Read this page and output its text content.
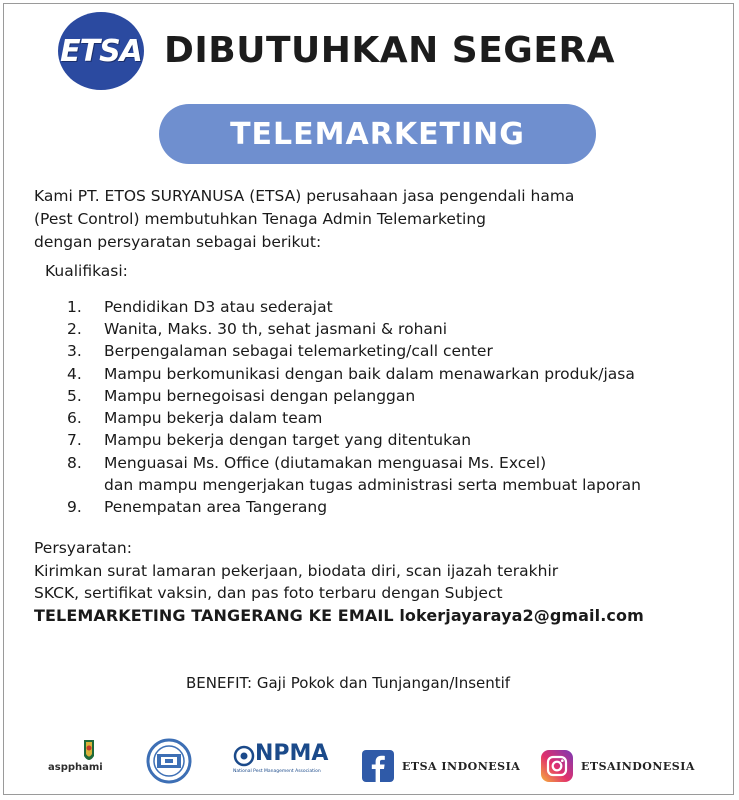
ETSA DIBUTUHKAN SEGERA
TELEMARKETING
Kami PT. ETOS SURYANUSA (ETSA) perusahaan jasa pengendali hama
(Pest Control) membutuhkan Tenaga Admin Telemarketing
dengan persyaratan sebagai berikut:
Kualifikasi:
1.	Pendidikan D3 atau sederajat
2.	Wanita, Maks. 30 th, sehat jasmani & rohani
3.	Berpengalaman sebagai telemarketing/call center
4.	Mampu berkomunikasi dengan baik dalam menawarkan produk/jasa
5.	Mampu bernegoisasi dengan pelanggan
6.	Mampu bekerja dalam team
7.	Mampu bekerja dengan target yang ditentukan
8.	Menguasai Ms. Office (diutamakan menguasai Ms. Excel)
dan mampu mengerjakan tugas administrasi serta membuat laporan
9.	Penempatan area Tangerang
Persyaratan:
Kirimkan surat lamaran pekerjaan, biodata diri, scan ijazah terakhir
SKCK, sertifikat vaksin, dan pas foto terbaru dengan Subject
TELEMARKETING TANGERANG KE EMAIL lokerjayaraya2@gmail.com
BENEFIT: Gaji Pokok dan Tunjangan/Insentif
aspphami
NPMA
National Pest Management Association	ETSA INDONESIA	ETSAINDONESIA
